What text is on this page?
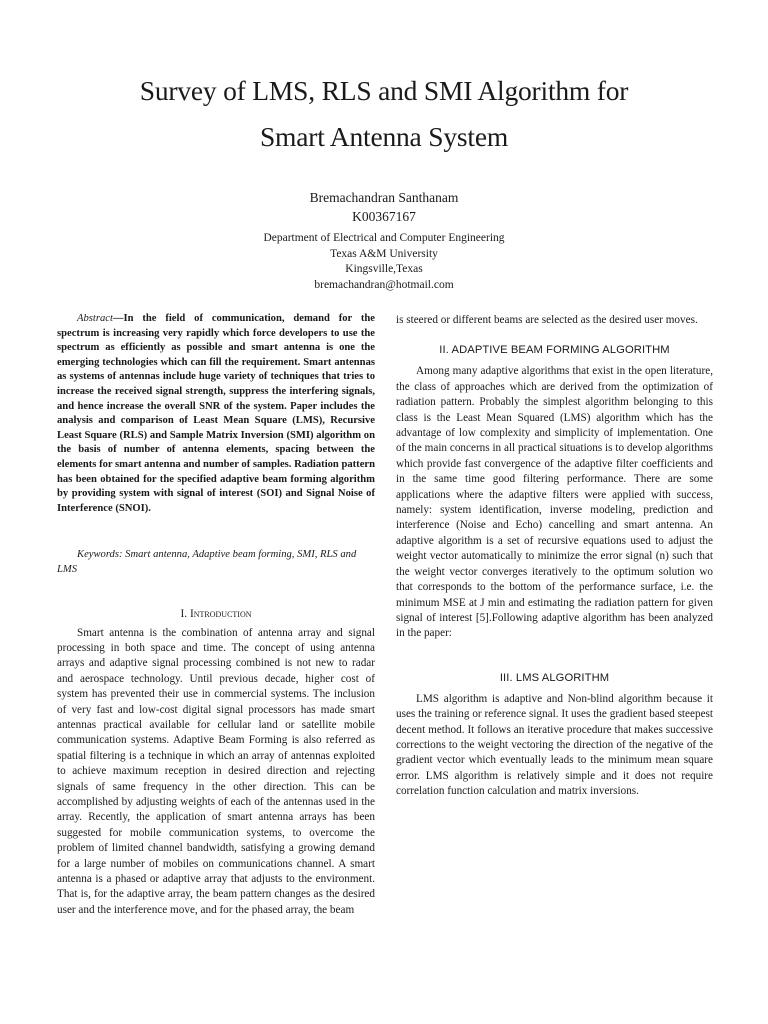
Survey of LMS, RLS and SMI Algorithm for
Smart Antenna System
Bremachandran Santhanam
K00367167
Department of Electrical and Computer Engineering
Texas A&M University
Kingsville,Texas
bremachandran@hotmail.com

Abstract—In the field of communication, demand for the spectrum is increasing very rapidly which force developers to use the spectrum as efficiently as possible and smart antenna is one the emerging technologies which can fill the requirement. Smart antennas as systems of antennas include huge variety of techniques that tries to increase the received signal strength, suppress the interfering signals, and hence increase the overall SNR of the system. Paper includes the analysis and comparison of Least Mean Square (LMS), Recursive Least Square (RLS) and Sample Matrix Inversion (SMI) algorithm on the basis of number of antenna elements, spacing between the elements for smart antenna and number of samples. Radiation pattern has been obtained for the specified adaptive beam forming algorithm by providing system with signal of interest (SOI) and Signal Noise of Interference (SNOI).

Keywords: Smart antenna, Adaptive beam forming, SMI, RLS and LMS

I. Introduction

Smart antenna is the combination of antenna array and signal processing in both space and time. The concept of using antenna arrays and adaptive signal processing combined is not new to radar and aerospace technology. Until previous decade, higher cost of system has prevented their use in commercial systems. The inclusion of very fast and low-cost digital signal processors has made smart antennas practical available for cellular land or satellite mobile communication systems. Adaptive Beam Forming is also referred as spatial filtering is a technique in which an array of antennas exploited to achieve maximum reception in desired direction and rejecting signals of same frequency in the other direction. This can be accomplished by adjusting weights of each of the antennas used in the array. Recently, the application of smart antenna arrays has been suggested for mobile communication systems, to overcome the problem of limited channel bandwidth, satisfying a growing demand for a large number of mobiles on communications channel. A smart antenna is a phased or adaptive array that adjusts to the environment. That is, for the adaptive array, the beam pattern changes as the desired user and the interference move, and for the phased array, the beam

is steered or different beams are selected as the desired user moves.

II. ADAPTIVE BEAM FORMING ALGORITHM

Among many adaptive algorithms that exist in the open literature, the class of approaches which are derived from the optimization of radiation pattern. Probably the simplest algorithm belonging to this class is the Least Mean Squared (LMS) algorithm which has the advantage of low complexity and simplicity of implementation. One of the main concerns in all practical situations is to develop algorithms which provide fast convergence of the adaptive filter coefficients and in the same time good filtering performance. There are some applications where the adaptive filters were applied with success, namely: system identification, inverse modeling, prediction and interference (Noise and Echo) cancelling and smart antenna. An adaptive algorithm is a set of recursive equations used to adjust the weight vector automatically to minimize the error signal (n) such that the weight vector converges iteratively to the optimum solution wo that corresponds to the bottom of the performance surface, i.e. the minimum MSE at J min and estimating the radiation pattern for given signal of interest [5].Following adaptive algorithm has been analyzed in the paper:

III. LMS ALGORITHM

LMS algorithm is adaptive and Non-blind algorithm because it uses the training or reference signal. It uses the gradient based steepest decent method. It follows an iterative procedure that makes successive corrections to the weight vectoring the direction of the negative of the gradient vector which eventually leads to the minimum mean square error. LMS algorithm is relatively simple and it does not require correlation function calculation and matrix inversions.
